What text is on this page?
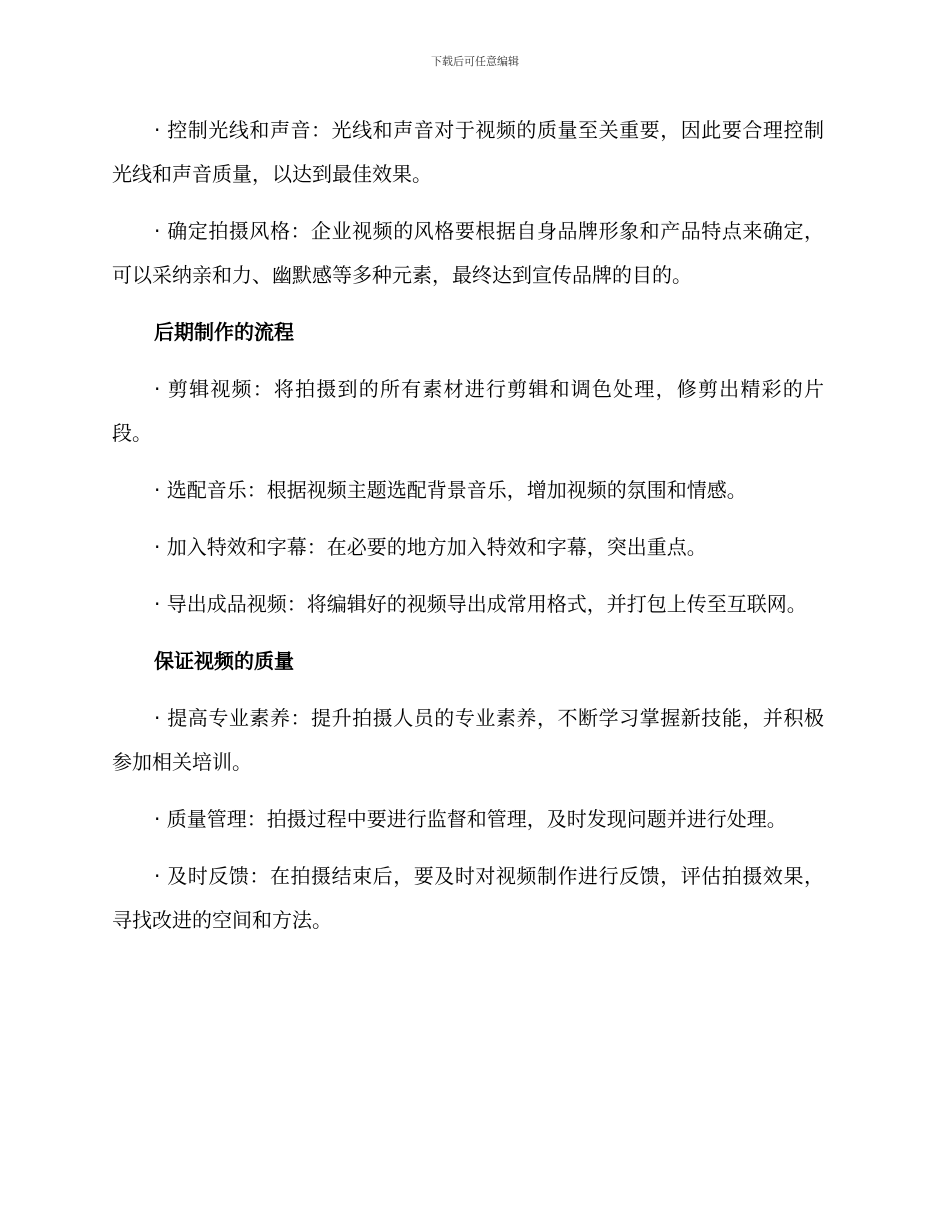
下载后可任意编辑

· 控制光线和声音：光线和声音对于视频的质量至关重要，因此要合理控制光线和声音质量，以达到最佳效果。

· 确定拍摄风格：企业视频的风格要根据自身品牌形象和产品特点来确定，可以采纳亲和力、幽默感等多种元素，最终达到宣传品牌的目的。

后期制作的流程

· 剪辑视频：将拍摄到的所有素材进行剪辑和调色处理，修剪出精彩的片段。

· 选配音乐：根据视频主题选配背景音乐，增加视频的氛围和情感。

· 加入特效和字幕：在必要的地方加入特效和字幕，突出重点。

· 导出成品视频：将编辑好的视频导出成常用格式，并打包上传至互联网。

保证视频的质量

· 提高专业素养：提升拍摄人员的专业素养，不断学习掌握新技能，并积极参加相关培训。

· 质量管理：拍摄过程中要进行监督和管理，及时发现问题并进行处理。

· 及时反馈：在拍摄结束后，要及时对视频制作进行反馈，评估拍摄效果，寻找改进的空间和方法。
